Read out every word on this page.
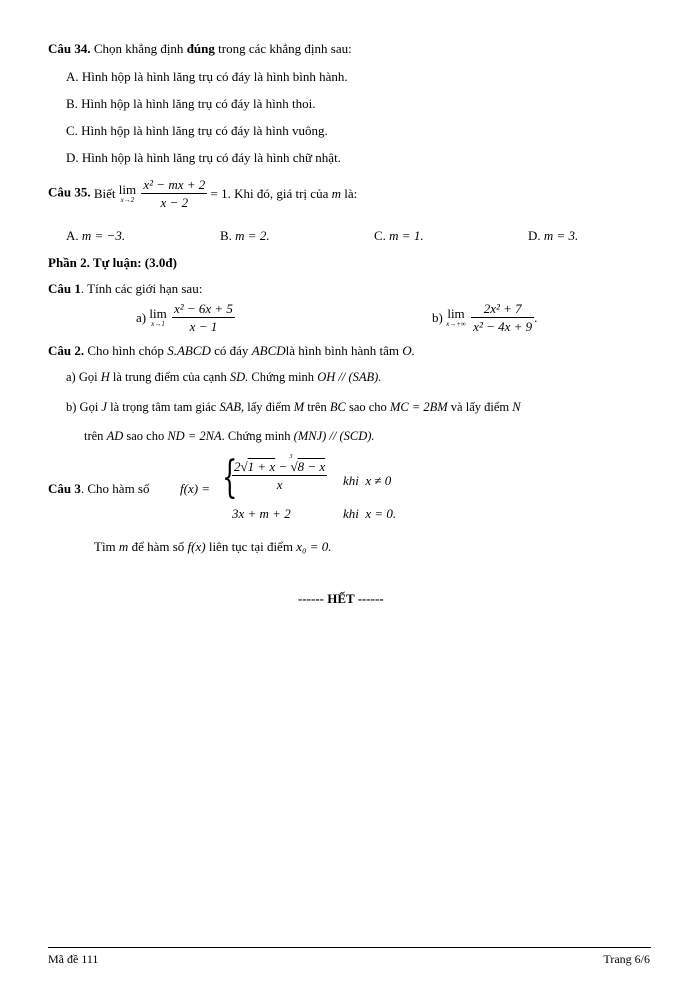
Câu 34. Chọn khẳng định đúng trong các khẳng định sau:
A. Hình hộp là hình lăng trụ có đáy là hình bình hành.
B. Hình hộp là hình lăng trụ có đáy là hình thoi.
C. Hình hộp là hình lăng trụ có đáy là hình vuông.
D. Hình hộp là hình lăng trụ có đáy là hình chữ nhật.
Câu 35. Biết lim
x→2
$\frac{\text{x² − mx + 2}}{x - 2} = 1$. Khi đó, giá trị của m là:
A. m = −3.	B. m = 2.	C. m = 1.	D. m = 3.
Phần 2. Tự luận: (3.0đ)
Câu 1. Tính các giới hạn sau:
a) lim
x→1
$\frac{\text{x² − 6x + 5}}{x - 1}$	b) lim
x→+∞
$\frac{\text{2x² + 7}}{\text{x² − 4x + 9}}$ .
Câu 2. Cho hình chóp S.ABCD có đáy ABCDlà hình bình hành tâm O.
a) Gọi H là trung điểm của cạnh SD. Chứng minh OH // (SAB).
b) Gọi J là trọng tâm tam giác SAB, lấy điểm M trên BC sao cho MC = 2BM và lấy điểm N
trên AD sao cho ND = 2NA. Chứng minh (MNJ) // (SCD).
Câu 3. Cho hàm số f(x) = {
2√1 + x −
3
√8 − x
x khi x ≠ 0
3x + m + 2	khi x = 0.
Tìm m để hàm số f(x) liên tục tại điểm x₀ = 0.
------ HẾT ------
Mã đề 111	Trang 6/6
